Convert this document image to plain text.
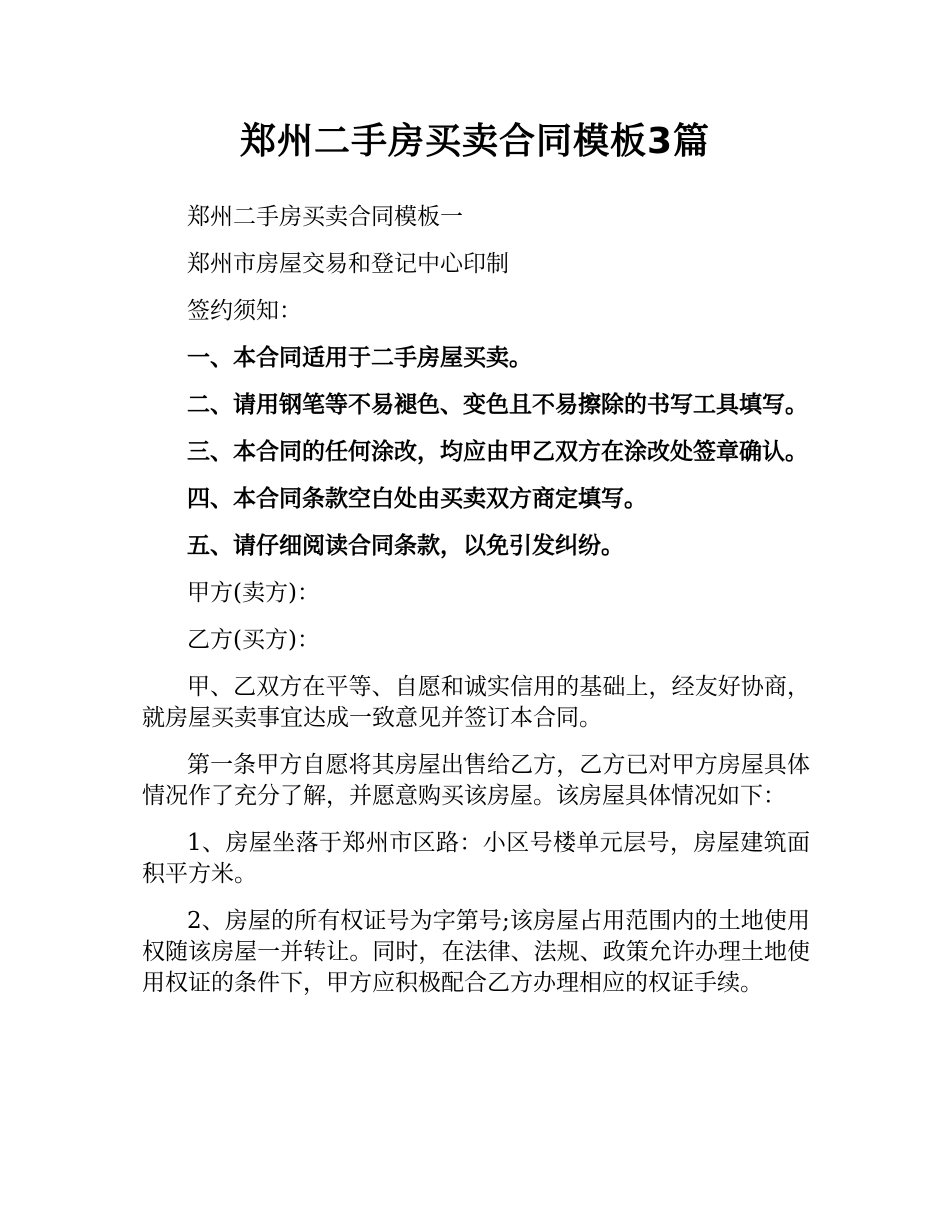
郑州二手房买卖合同模板3篇

郑州二手房买卖合同模板一

郑州市房屋交易和登记中心印制

签约须知：

一、本合同适用于二手房屋买卖。

二、请用钢笔等不易褪色、变色且不易擦除的书写工具填写。

三、本合同的任何涂改，均应由甲乙双方在涂改处签章确认。

四、本合同条款空白处由买卖双方商定填写。

五、请仔细阅读合同条款，以免引发纠纷。

甲方(卖方)：

乙方(买方)：

甲、乙双方在平等、自愿和诚实信用的基础上，经友好协商，就房屋买卖事宜达成一致意见并签订本合同。

第一条甲方自愿将其房屋出售给乙方，乙方已对甲方房屋具体情况作了充分了解，并愿意购买该房屋。该房屋具体情况如下：

1、房屋坐落于郑州市区路：小区号楼单元层号，房屋建筑面积平方米。

2、房屋的所有权证号为字第号;该房屋占用范围内的土地使用权随该房屋一并转让。同时，在法律、法规、政策允许办理土地使用权证的条件下，甲方应积极配合乙方办理相应的权证手续。
